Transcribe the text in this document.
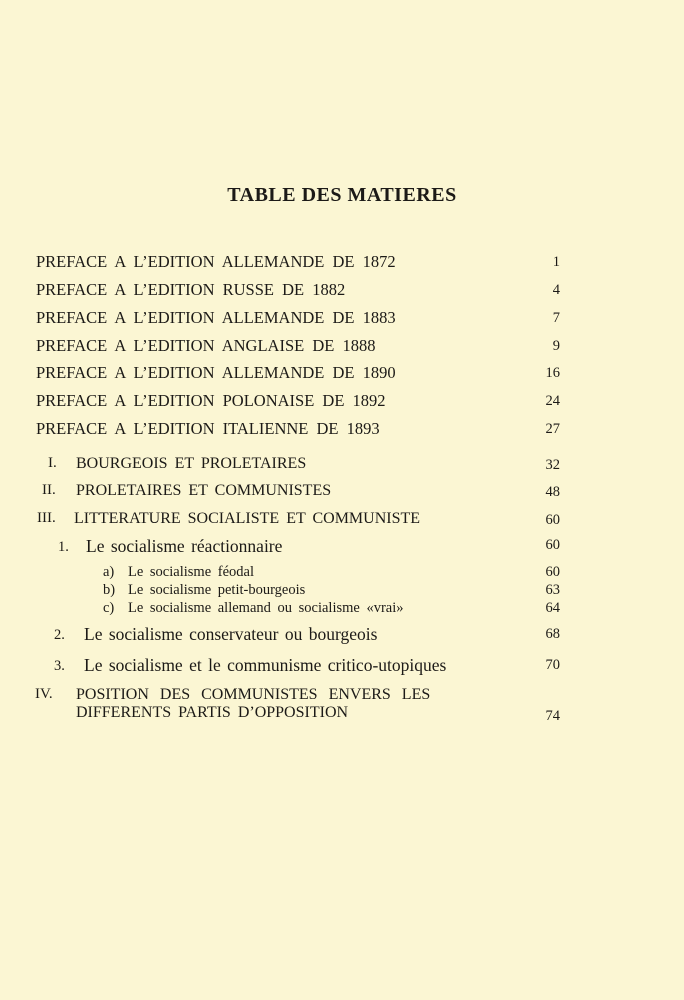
TABLE DES MATIERES
PREFACE A L’EDITION ALLEMANDE DE 1872	1
PREFACE A L’EDITION RUSSE DE 1882	4
PREFACE A L’EDITION ALLEMANDE DE 1883	7
PREFACE A L’EDITION ANGLAISE DE 1888	9
PREFACE A L’EDITION ALLEMANDE DE 1890	16
PREFACE A L’EDITION POLONAISE DE 1892	24
PREFACE A L’EDITION ITALIENNE DE 1893	27
I. BOURGEOIS ET PROLETAIRES	32
II. PROLETAIRES ET COMMUNISTES	48
III. LITTERATURE SOCIALISTE ET COMMUNISTE	60
1. Le socialisme réactionnaire	60
a) Le socialisme féodal	60
b) Le socialisme petit-bourgeois	63
c) Le socialisme allemand ou socialisme «vrai»	64
2. Le socialisme conservateur ou bourgeois	68
3. Le socialisme et le communisme critico-utopiques	70
IV. POSITION DES COMMUNISTES ENVERS LES
DIFFERENTS PARTIS D’OPPOSITION	74
